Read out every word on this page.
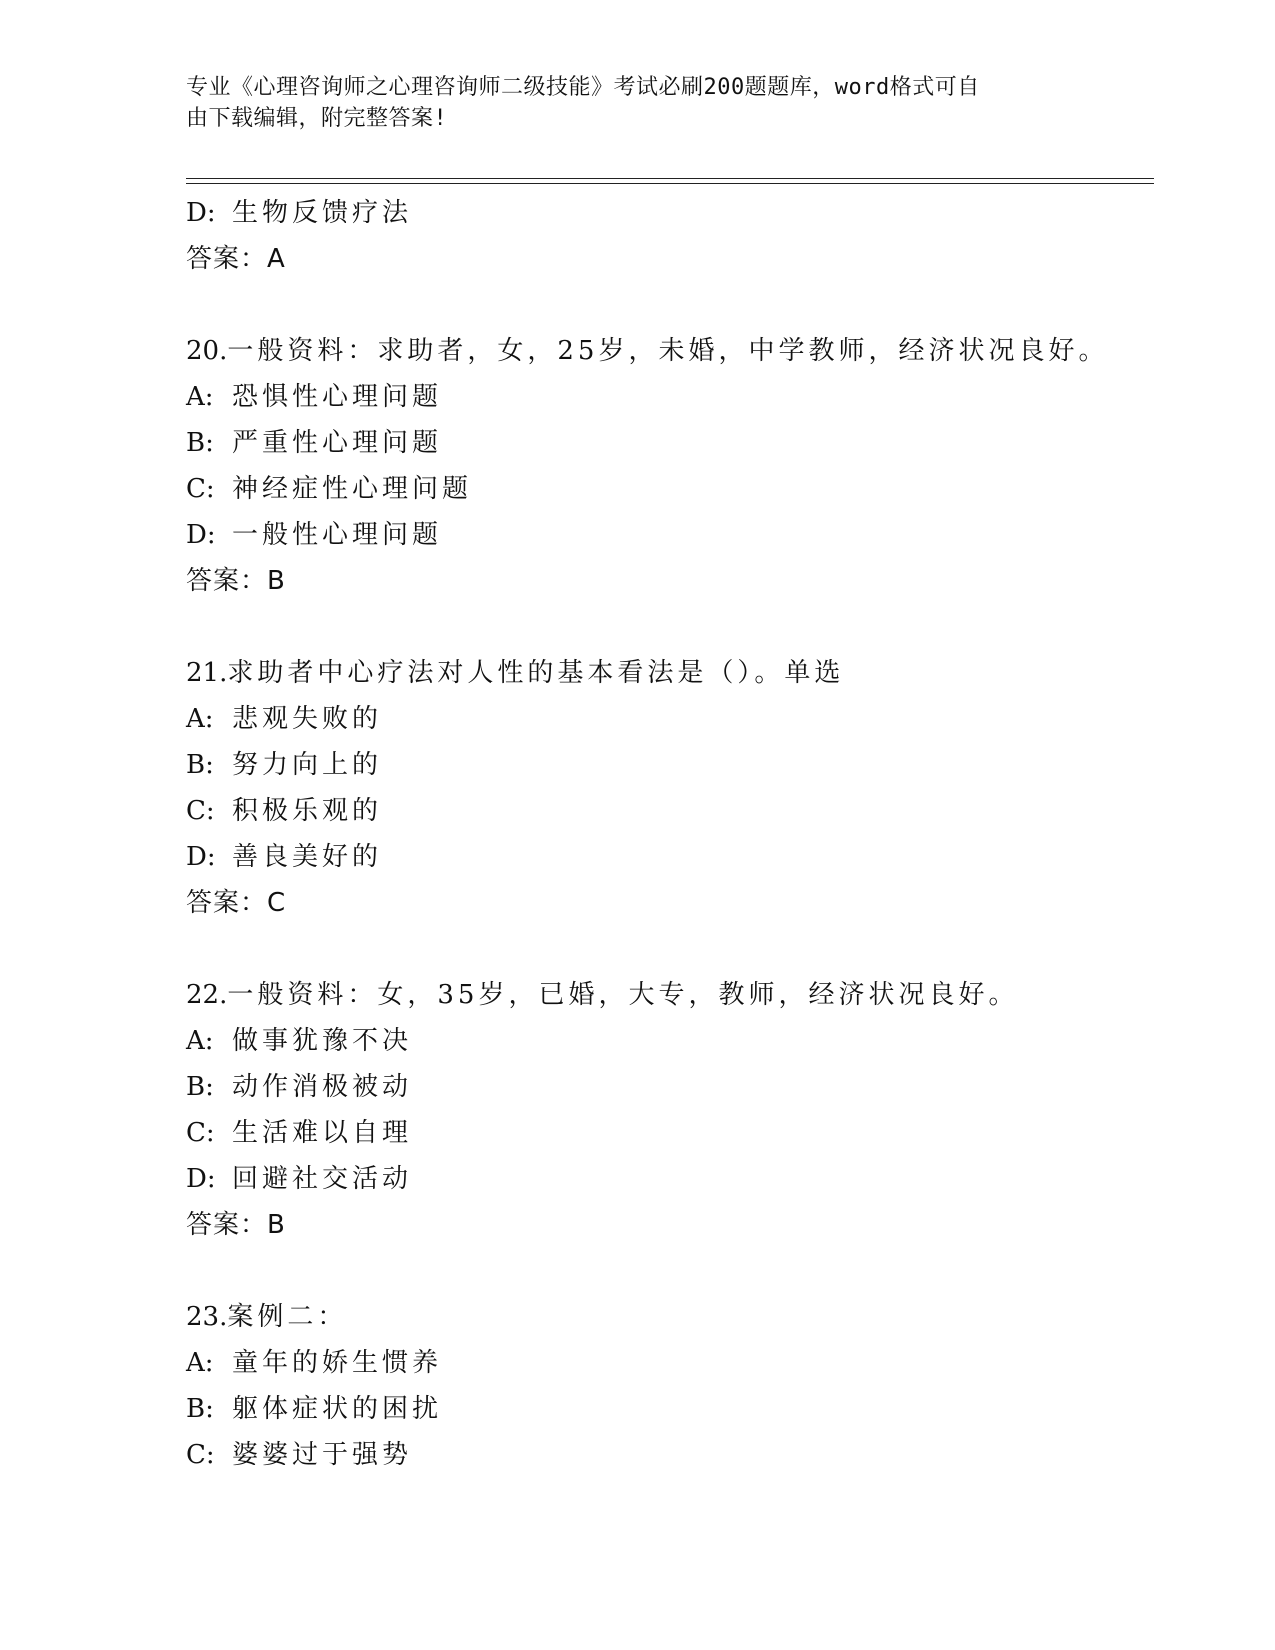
专业《心理咨询师之心理咨询师二级技能》考试必刷200题题库，word格式可自
由下载编辑，附完整答案!
D: 生物反馈疗法
答案：A
20.一般资料：求助者，女，25岁，未婚，中学教师，经济状况良好。
A: 恐惧性心理问题
B: 严重性心理问题
C: 神经症性心理问题
D: 一般性心理问题
答案：B
21.求助者中心疗法对人性的基本看法是（）。单选
A: 悲观失败的
B: 努力向上的
C: 积极乐观的
D: 善良美好的
答案：C
22.一般资料：女，35岁，已婚，大专，教师，经济状况良好。
A: 做事犹豫不决
B: 动作消极被动
C: 生活难以自理
D: 回避社交活动
答案：B
23.案例二：
A: 童年的娇生惯养
B: 躯体症状的困扰
C: 婆婆过于强势
